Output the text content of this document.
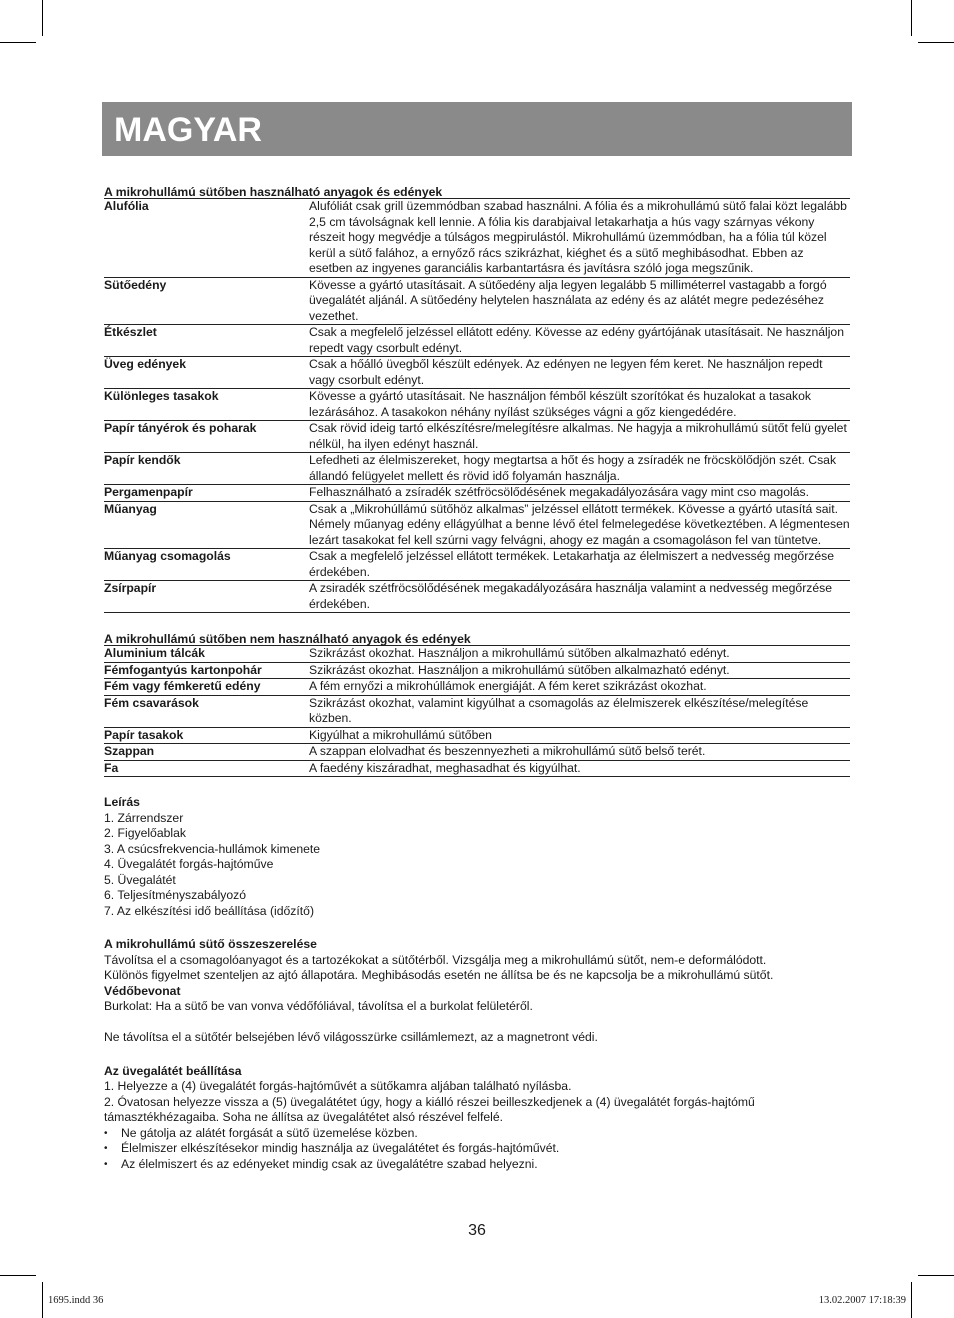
MAGYAR
A mikrohullámú sütőben használható anyagok és edények
Alufólia	Alufóliát csak grill üzemmódban szabad használni. A fólia és a mikrohullámú sütő falai közt legalább 2,5 cm távolságnak kell lennie. A fólia kis darabjaival letakarhatja a hús vagy szárnyas vékony részeit hogy megvédje a túlságos megpirulástól. Mikrohullámú üzemmódban, ha a fólia túl közel kerül a sütő falához, a ernyőző rács szikrázhat, kiéghet és a sütő meghibásodhat. Ebben az esetben az ingyenes garanciális karbantartásra és javításra szóló joga megszűnik.
Sütőedény	Kövesse a gyártó utasításait. A sütőedény alja legyen legalább 5 milliméterrel vastagabb a forgó üvegalátét aljánál. A sütőedény helytelen használata az edény és az alátét megre pedezéséhez vezethet.
Étkészlet	Csak a megfelelő jelzéssel ellátott edény. Kövesse az edény gyártójának utasításait. Ne használjon repedt vagy csorbult edényt.
Üveg edények	Csak a hőálló üvegből készült edények. Az edényen ne legyen fém keret. Ne használjon repedt vagy csorbult edényt.
Különleges tasakok	Kövesse a gyártó utasításait. Ne használjon fémből készült szorítókat és huzalokat a tasakok lezárásához. A tasakokon néhány nyílást szükséges vágni a gőz kiengedédére.
Papír tányérok és poharak	Csak rövid ideig tartó elkészítésre/melegítésre alkalmas. Ne hagyja a mikrohullámú sütőt felü gyelet nélkül, ha ilyen edényt használ.
Papír kendők	Lefedheti az élelmiszereket, hogy megtartsa a hőt és hogy a zsíradék ne fröcskölődjön szét. Csak állandó felügyelet mellett és rövid idő folyamán használja.
Pergamenpapír	Felhasználható a zsíradék szétfröcsölődésének megakadályozására vagy mint cso magolás.
Műanyag	Csak a „Mikrohúllámú sütőhöz alkalmas” jelzéssel ellátott termékek. Kövesse a gyártó utasítá sait. Némely műanyag edény ellágyúlhat a benne lévő étel felmelegedése következtében. A légmentesen lezárt tasakokat fel kell szúrni vagy felvágni, ahogy ez magán a csomagoláson fel van tüntetve.
Műanyag csomagolás	Csak a megfelelő jelzéssel ellátott termékek. Letakarhatja az élelmiszert a nedvesség megőrzése érdekében.
Zsírpapír	A zsiradék szétfröcsölődésének megakadályozására használja valamint a nedvesség megőrzése érdekében.
A mikrohullámú sütőben nem használható anyagok és edények
Aluminium tálcák	Szikrázást okozhat. Használjon a mikrohullámú sütőben alkalmazható edényt.
Fémfogantyús kartonpohár	Szikrázást okozhat. Használjon a mikrohullámú sütőben alkalmazható edényt.
Fém vagy fémkeretű edény	A fém ernyőzi a mikrohúllámok energiáját. A fém keret szikrázást okozhat.
Fém csavarások	Szikrázást okozhat, valamint kigyúlhat a csomagolás az élelmiszerek elkészítése/melegítése közben.
Papír tasakok	Kigyúlhat a mikrohullámú sütőben
Szappan	A szappan elolvadhat és beszennyezheti a mikrohullámú sütő belső terét.
Fa	A faedény kiszáradhat, meghasadhat és kigyúlhat.
Leírás
1. Zárrendszer
2. Figyelőablak
3. A csúcsfrekvencia-hullámok kimenete
4. Üvegalátét forgás-hajtóműve
5. Üvegalátét
6. Teljesítményszabályozó
7. Az elkészítési idő beállítása (időzítő)
A mikrohullámú sütő összeszerelése
Távolítsa el a csomagolóanyagot és a tartozékokat a sütőtérből. Vizsgálja meg a mikrohullámú sütőt, nem-e deformálódott.
Különös figyelmet szenteljen az ajtó állapotára. Meghibásodás esetén ne állítsa be és ne kapcsolja be a mikrohullámú sütőt.
Védőbevonat
Burkolat: Ha a sütő be van vonva védőfóliával, távolítsa el a burkolat felületéről.
Ne távolítsa el a sütőtér belsejében lévő világosszürke csillámlemezt, az a magnetront védi.
Az üvegalátét beállítása
1. Helyezze a (4) üvegalátét forgás-hajtóművét a sütőkamra aljában található nyílásba.
2. Óvatosan helyezze vissza a (5) üvegalátétet úgy, hogy a kiálló részei beilleszkedjenek a (4) üvegalátét forgás-hajtómű
támasztékhézagaiba. Soha ne állítsa az üvegalátétet alsó részével felfelé.
• Ne gátolja az alátét forgását a sütő üzemelése közben.
• Élelmiszer elkészítésekor mindig használja az üvegalátétet és forgás-hajtóművét.
• Az élelmiszert és az edényeket mindig csak az üvegalátétre szabad helyezni.
36
1695.indd 36	13.02.2007 17:18:39
